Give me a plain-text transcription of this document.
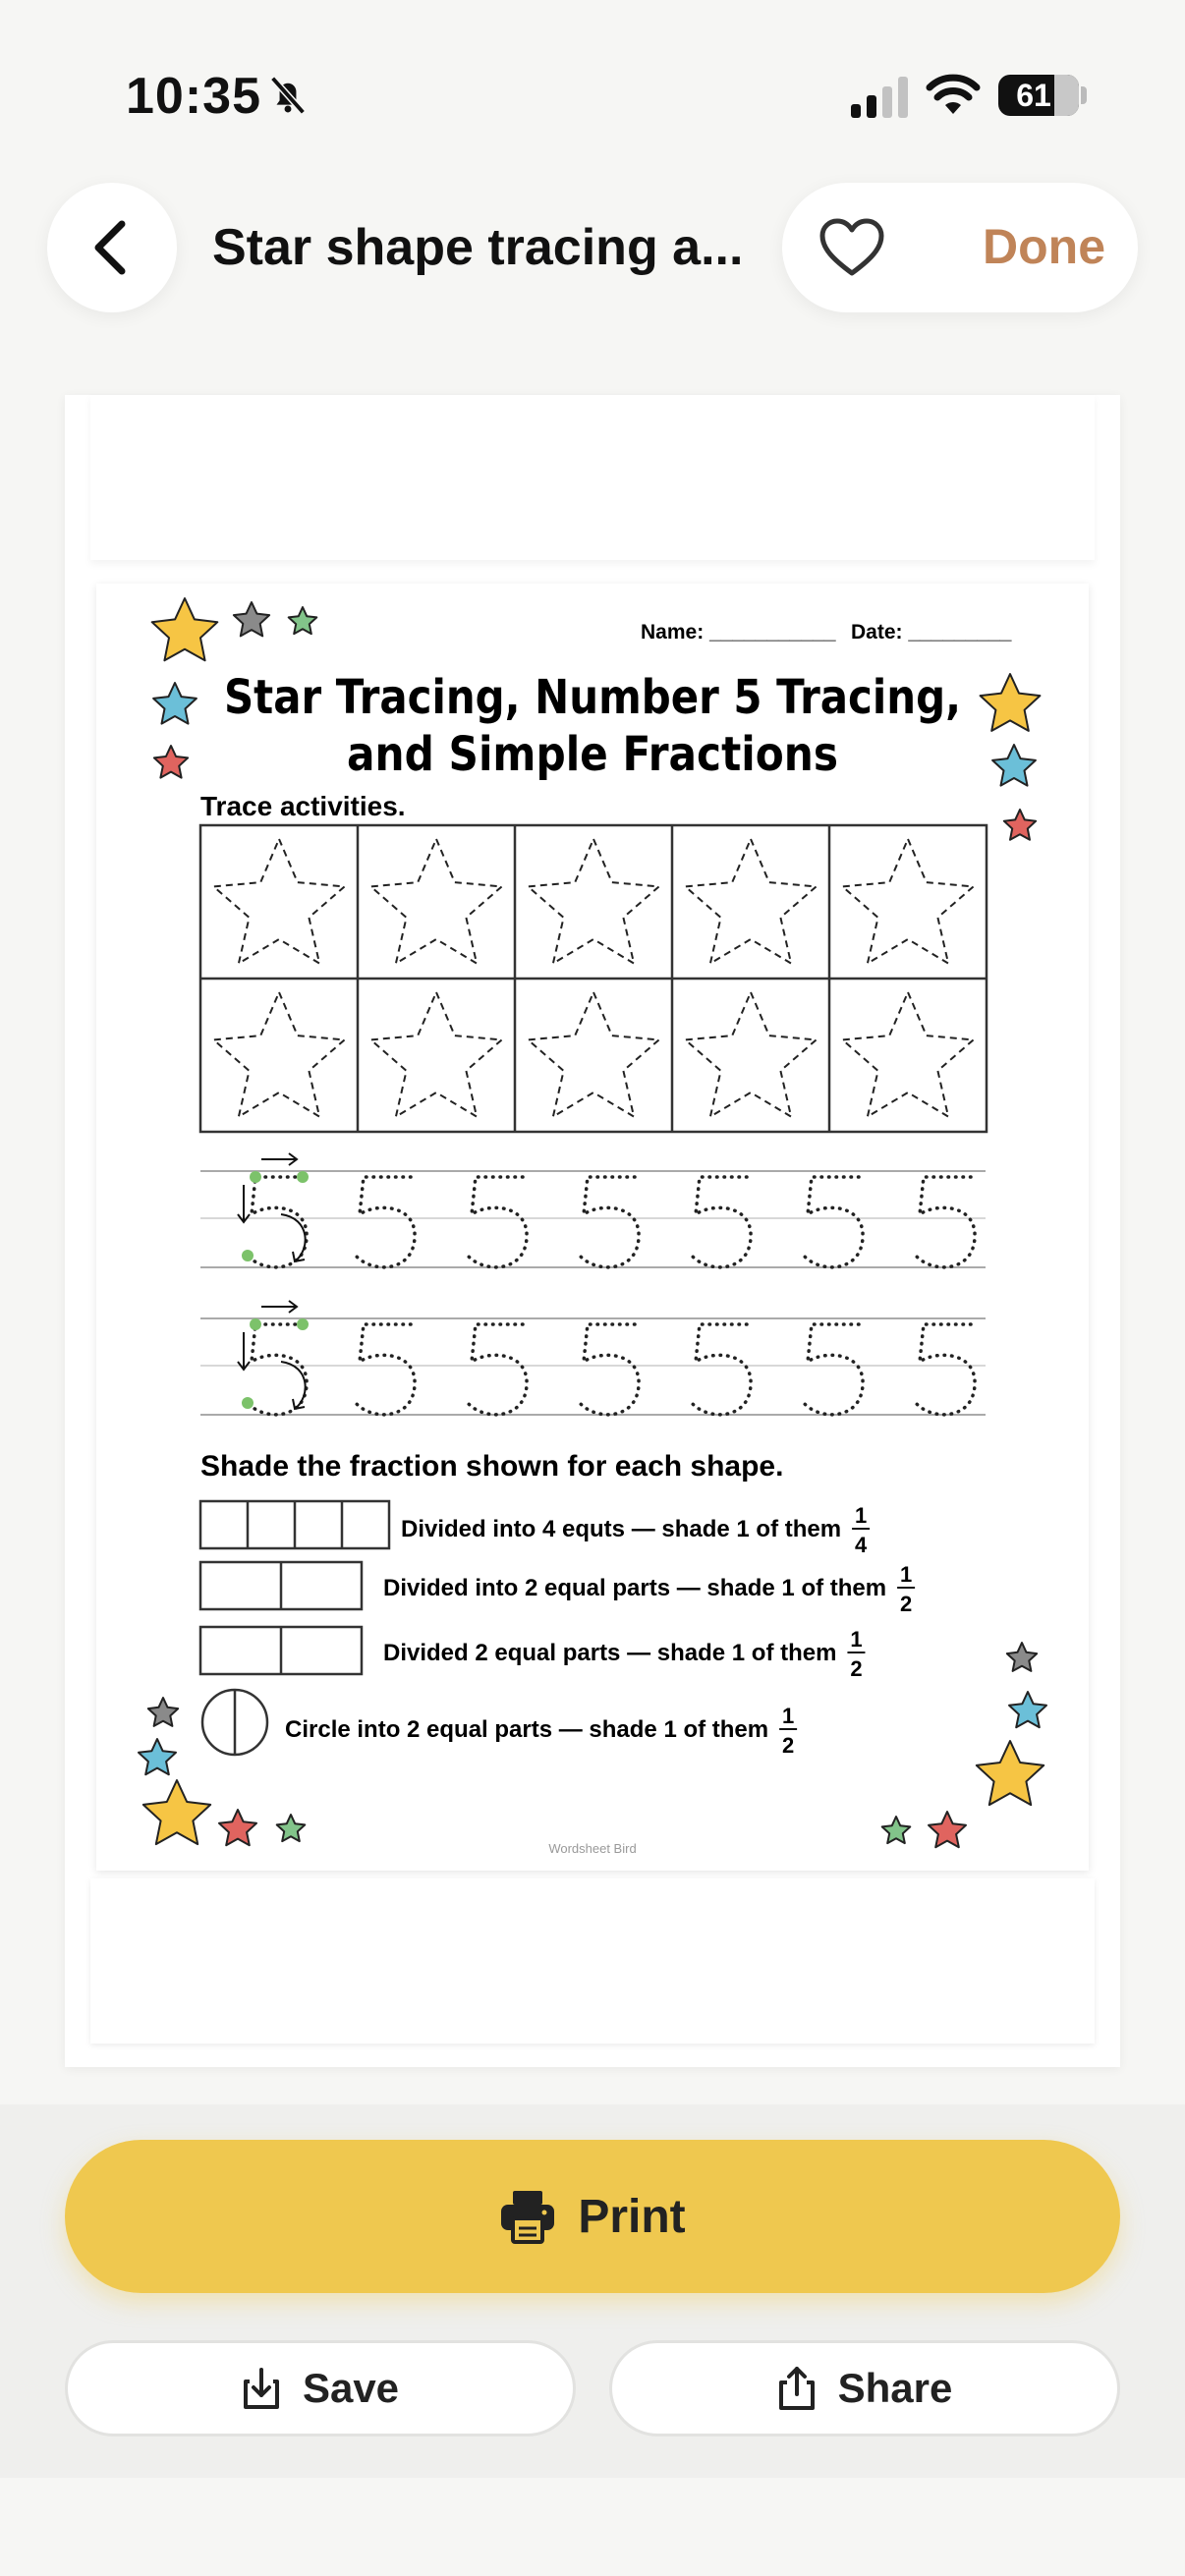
10:35	61
Star shape tracing a...	Done
Name: ___________ Date: _________
Star Tracing, Number 5 Tracing,
and Simple Fractions
Trace activities.
Shade the fraction shown for each shape.
Wordsheet Bird
Divided into 4 equts — shade 1 of them
1
4
Divided into 2 equal parts — shade 1 of them
1
2
Divided 2 equal parts — shade 1 of them
1
2
Circle into 2 equal parts — shade 1 of them
1
2
Print
Save	Share
